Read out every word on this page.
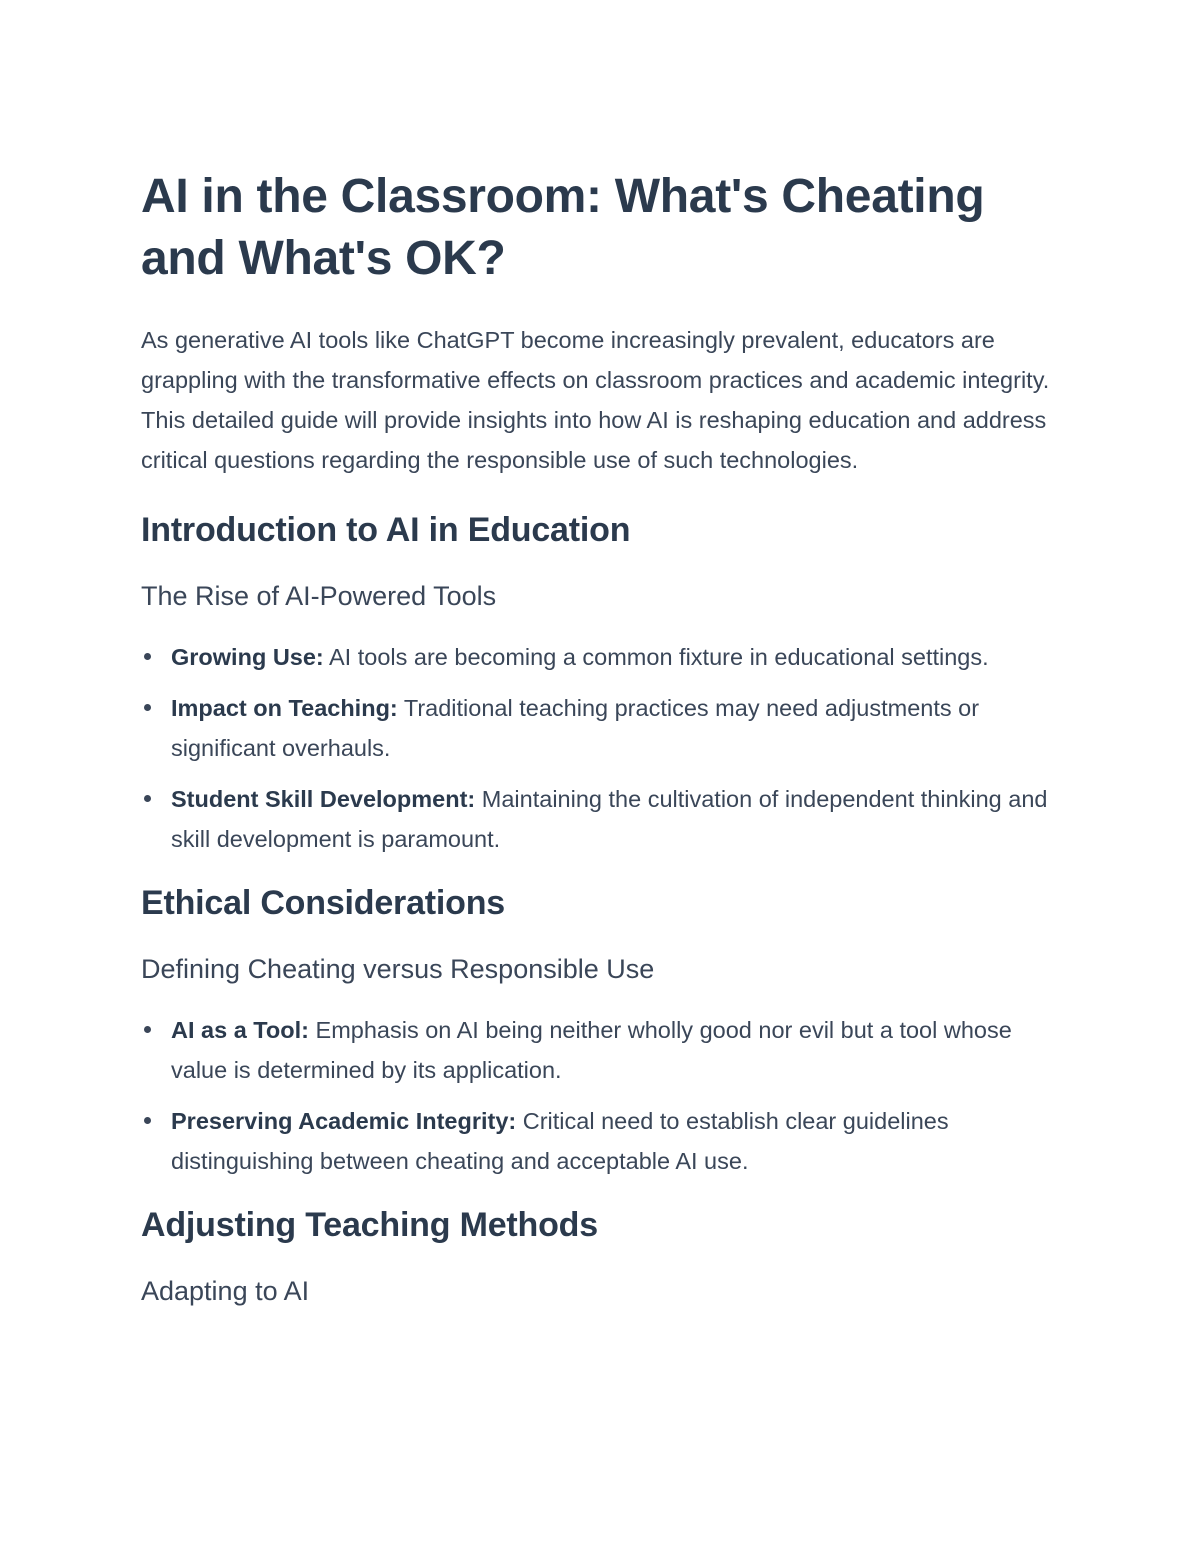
AI in the Classroom: What's Cheating and What's OK?

As generative AI tools like ChatGPT become increasingly prevalent, educators are grappling with the transformative effects on classroom practices and academic integrity. This detailed guide will provide insights into how AI is reshaping education and address critical questions regarding the responsible use of such technologies.

Introduction to AI in Education
The Rise of AI-Powered Tools
Growing Use: AI tools are becoming a common fixture in educational settings.
Impact on Teaching: Traditional teaching practices may need adjustments or significant overhauls.
Student Skill Development: Maintaining the cultivation of independent thinking and skill development is paramount.
Ethical Considerations
Defining Cheating versus Responsible Use
AI as a Tool: Emphasis on AI being neither wholly good nor evil but a tool whose value is determined by its application.
Preserving Academic Integrity: Critical need to establish clear guidelines distinguishing between cheating and acceptable AI use.
Adjusting Teaching Methods
Adapting to AI
